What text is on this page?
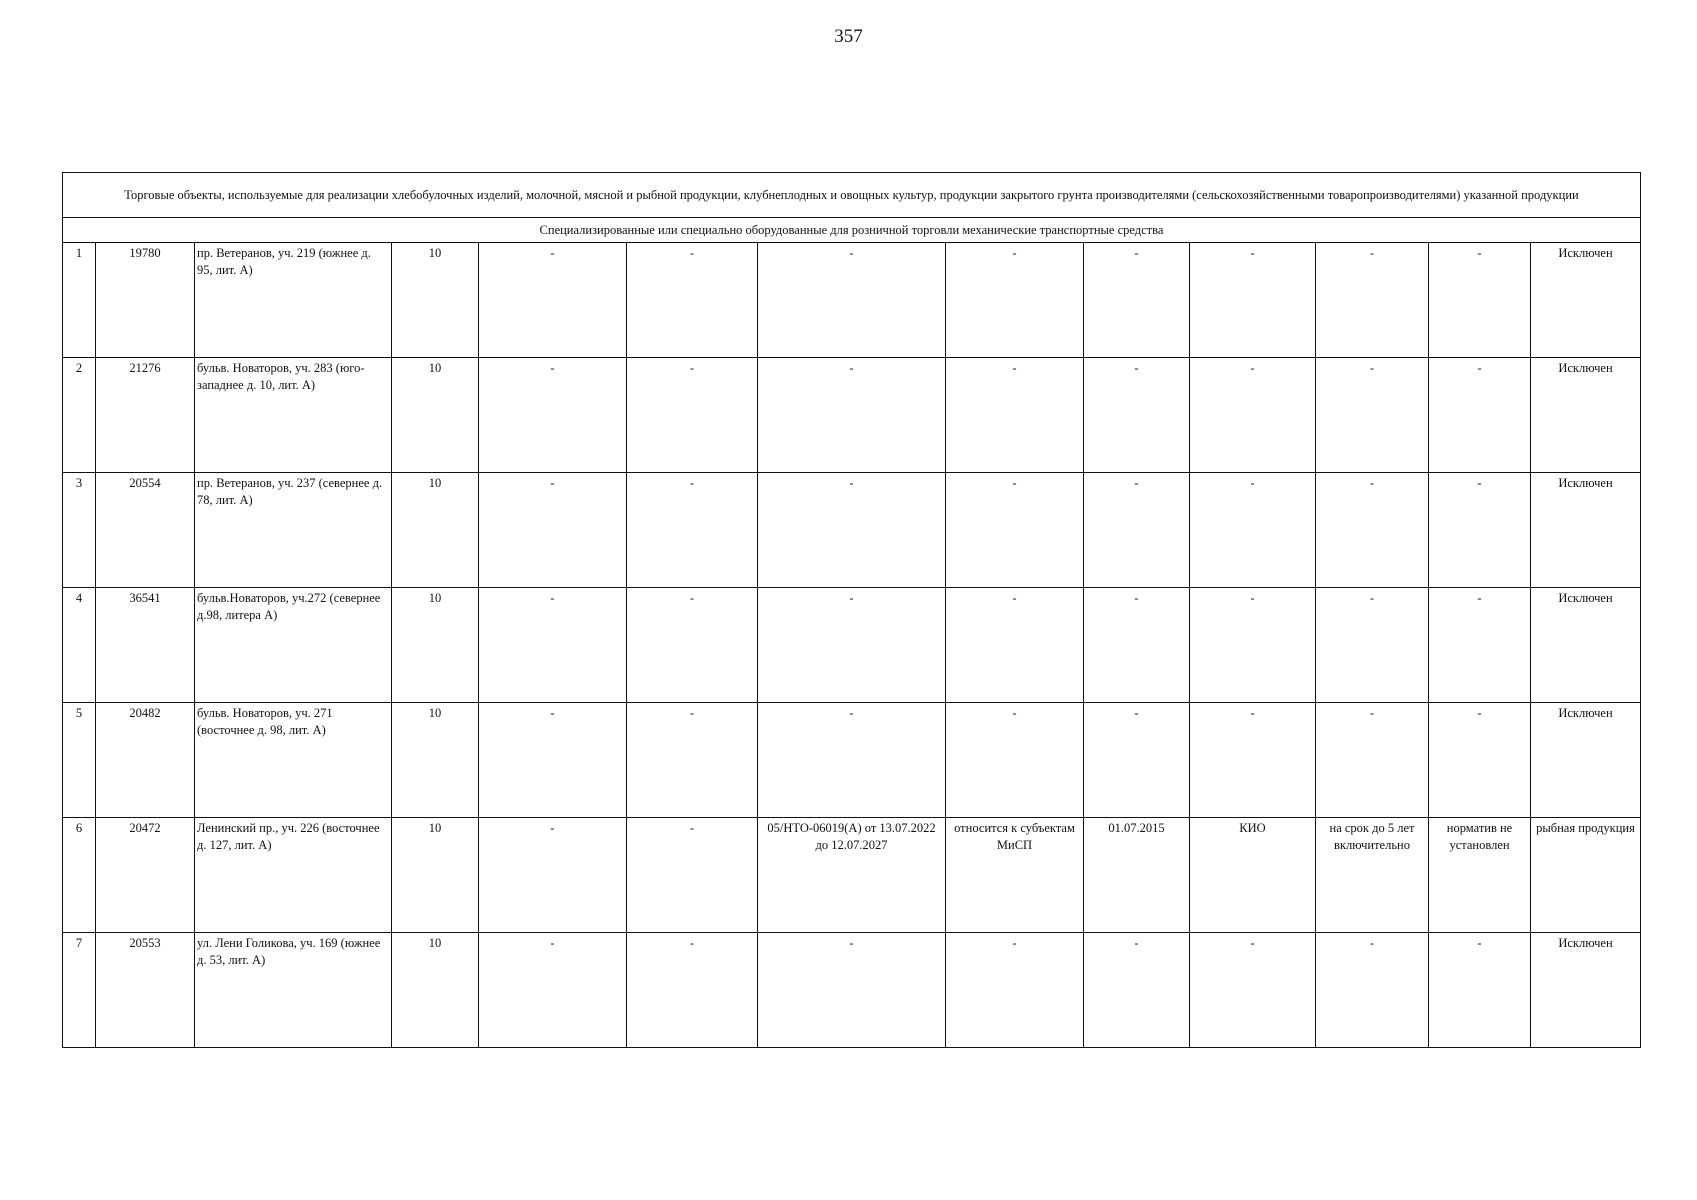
357
Торговые объекты, используемые для реализации хлебобулочных изделий, молочной, мясной и рыбной продукции, клубнеплодных и овощных культур, продукции закрытого грунта производителями (сельскохозяйственными товаропроизводителями) указанной продукции												
Специализированные или специально оборудованные для розничной торговли механические транспортные средства												
1	19780	пр. Ветеранов, уч. 219 (южнее д. 95, лит. А)	10	-	-	-	-	-	-	-	-	Исключен
2	21276	бульв. Новаторов, уч. 283 (юго-западнее д. 10, лит. А)	10	-	-	-	-	-	-	-	-	Исключен
3	20554	пр. Ветеранов, уч. 237 (севернее д. 78, лит. А)	10	-	-	-	-	-	-	-	-	Исключен
4	36541	бульв.Новаторов, уч.272 (севернее д.98, литера А)	10	-	-	-	-	-	-	-	-	Исключен
5	20482	бульв. Новаторов, уч. 271 (восточнее д. 98, лит. А)	10	-	-	-	-	-	-	-	-	Исключен
6	20472	Ленинский пр., уч. 226 (восточнее д. 127, лит. А)	10	-	-	05/НТО-06019(А) от 13.07.2022 до 12.07.2027	относится к субъектам МиСП	01.07.2015	КИО	на срок до 5 лет включительно	норматив не установлен	рыбная продукция
7	20553	ул. Лени Голикова, уч. 169 (южнее д. 53, лит. А)	10	-	-	-	-	-	-	-	-	Исключен
